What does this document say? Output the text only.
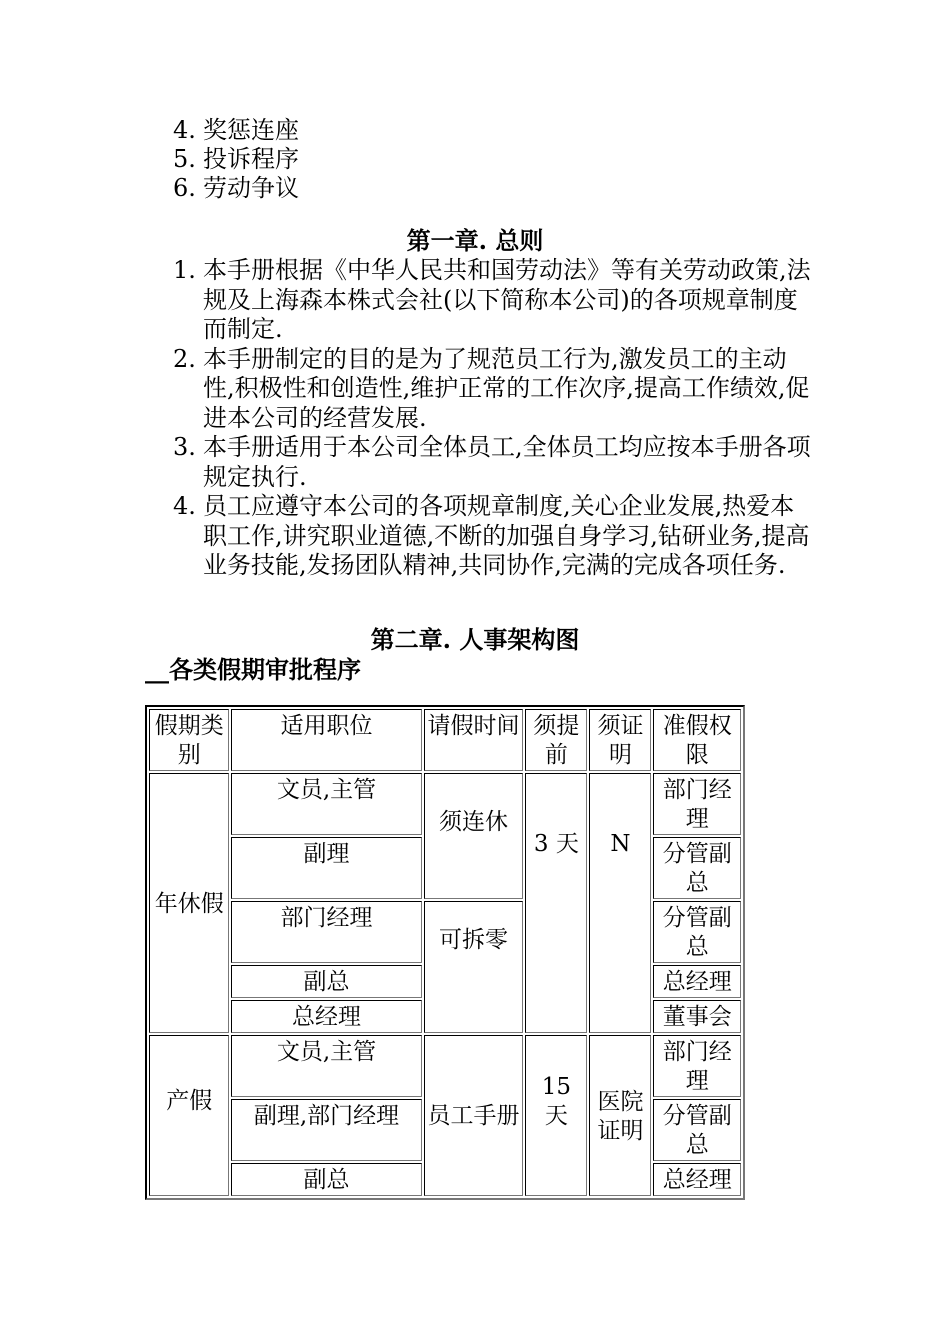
4. 奖惩连座
5. 投诉程序
6. 劳动争议
第一章. 总则
1. 本手册根据《中华人民共和国劳动法》等有关劳动政策,法规及上海森本株式会社(以下简称本公司)的各项规章制度而制定.
2. 本手册制定的目的是为了规范员工行为,激发员工的主动性,积极性和创造性,维护正常的工作次序,提高工作绩效,促进本公司的经营发展.
3. 本手册适用于本公司全体员工,全体员工均应按本手册各项规定执行.
4. 员工应遵守本公司的各项规章制度,关心企业发展,热爱本职工作,讲究职业道德,不断的加强自身学习,钻研业务,提高业务技能,发扬团队精神,共同协作,完满的完成各项任务.
第二章. 人事架构图
__各类假期审批程序
假期类别	适用职位	请假时间	须提前	须证明	准假权限
年休假	文员,主管	须连休	3 天	N	部门经理
	副理				分管副总
	部门经理	可拆零			分管副总
	副总				总经理
	总经理				董事会
产假	文员,主管	员工手册	15 天	医院证明	部门经理
	副理,部门经理				分管副总
	副总				总经理
